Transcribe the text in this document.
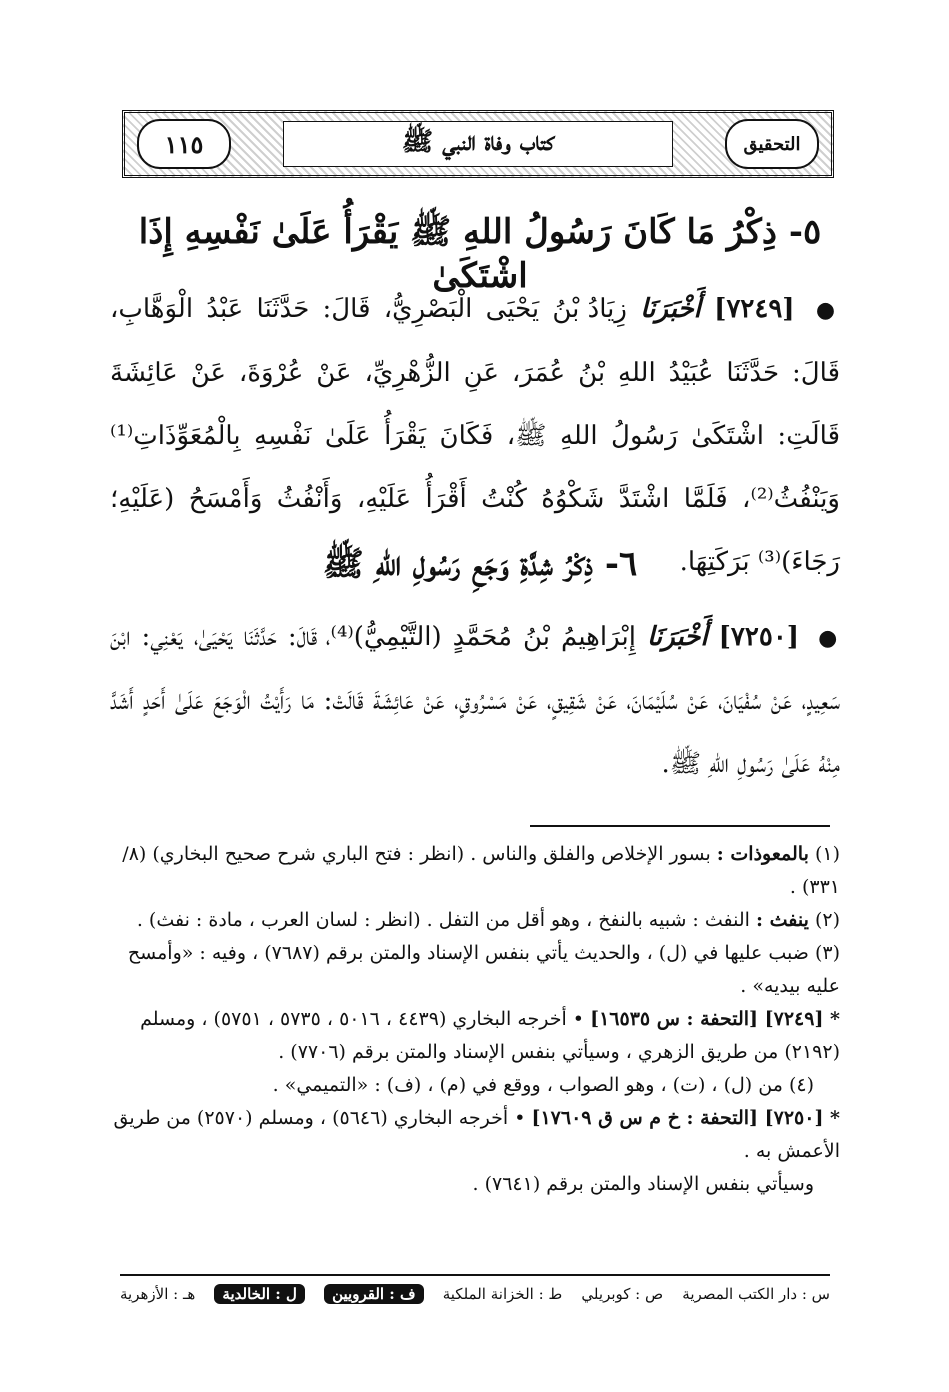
التحقيق
كتاب وفاة النبي ﷺ
١١٥
٥- ذِكْرُ مَا كَانَ رَسُولُ اللهِ ﷺ يَقْرَأُ عَلَىٰ نَفْسِهِ إِذَا اشْتَكَىٰ
● [٧٢٤٩] أَخْبَرَنَا زِيَادُ بْنُ يَحْيَى الْبَصْرِيُّ، قَالَ: حَدَّثَنَا عَبْدُ الْوَهَّابِ، قَالَ: حَدَّثَنَا عُبَيْدُ اللهِ بْنُ عُمَرَ، عَنِ الزُّهْرِيِّ، عَنْ عُرْوَةَ، عَنْ عَائِشَةَ قَالَتِ: اشْتَكَىٰ رَسُولُ اللهِ ﷺ، فَكَانَ يَقْرَأُ عَلَىٰ نَفْسِهِ بِالْمُعَوِّذَاتِ⁽¹⁾ وَيَنْفُثُ⁽²⁾، فَلَمَّا اشْتَدَّ شَكْوُهُ كُنْتُ أَقْرَأُ عَلَيْهِ، وَأَنْفُثُ وَأَمْسَحُ (عَلَيْهِ؛ رَجَاءَ)⁽³⁾ بَرَكَتِهَا.
٦- ذِكْرُ شِدَّةِ وَجَعِ رَسُولِ اللهِ ﷺ
● [٧٢٥٠] أَخْبَرَنَا إِبْرَاهِيمُ بْنُ مُحَمَّدٍ (التَّيْمِيُّ)⁽⁴⁾، قَالَ: حَدَّثَنَا يَحْيَىٰ، يَعْنِي: ابْنَ سَعِيدٍ، عَنْ سُفْيَانَ، عَنْ سُلَيْمَانَ، عَنْ شَقِيقٍ، عَنْ مَسْرُوقٍ، عَنْ عَائِشَةَ قَالَتْ: مَا رَأَيْتُ الْوَجَعَ عَلَىٰ أَحَدٍ أَشَدَّ مِنْهُ عَلَىٰ رَسُولِ اللهِ ﷺ.

(١) بالمعوذات : بسور الإخلاص والفلق والناس . (انظر : فتح الباري شرح صحيح البخاري) (٨/ ٣٣١) .

(٢) ينفث : النفث : شبيه بالنفخ ، وهو أقل من التفل . (انظر : لسان العرب ، مادة : نفث) .

(٣) ضبب عليها في (ل) ، والحديث يأتي بنفس الإسناد والمتن برقم (٧٦٨٧) ، وفيه : «وأمسح عليه بيديه» .

* [٧٢٤٩] [التحفة : س ١٦٥٣٥] • أخرجه البخاري (٤٤٣٩ ، ٥٠١٦ ، ٥٧٣٥ ، ٥٧٥١) ، ومسلم (٢١٩٢) من طريق الزهري ، وسيأتي بنفس الإسناد والمتن برقم (٧٧٠٦) .

(٤) من (ل) ، (ت) ، وهو الصواب ، ووقع في (م) ، (ف) : «التميمي» .

* [٧٢٥٠] [التحفة : خ م س ق ١٧٦٠٩] • أخرجه البخاري (٥٦٤٦) ، ومسلم (٢٥٧٠) من طريق الأعمش به .

وسيأتي بنفس الإسناد والمتن برقم (٧٦٤١) .

س : دار الكتب المصرية
ص : كوبريلي
ط : الخزانة الملكية
ف : القرويين
ل : الخالدية
هـ : الأزهرية
